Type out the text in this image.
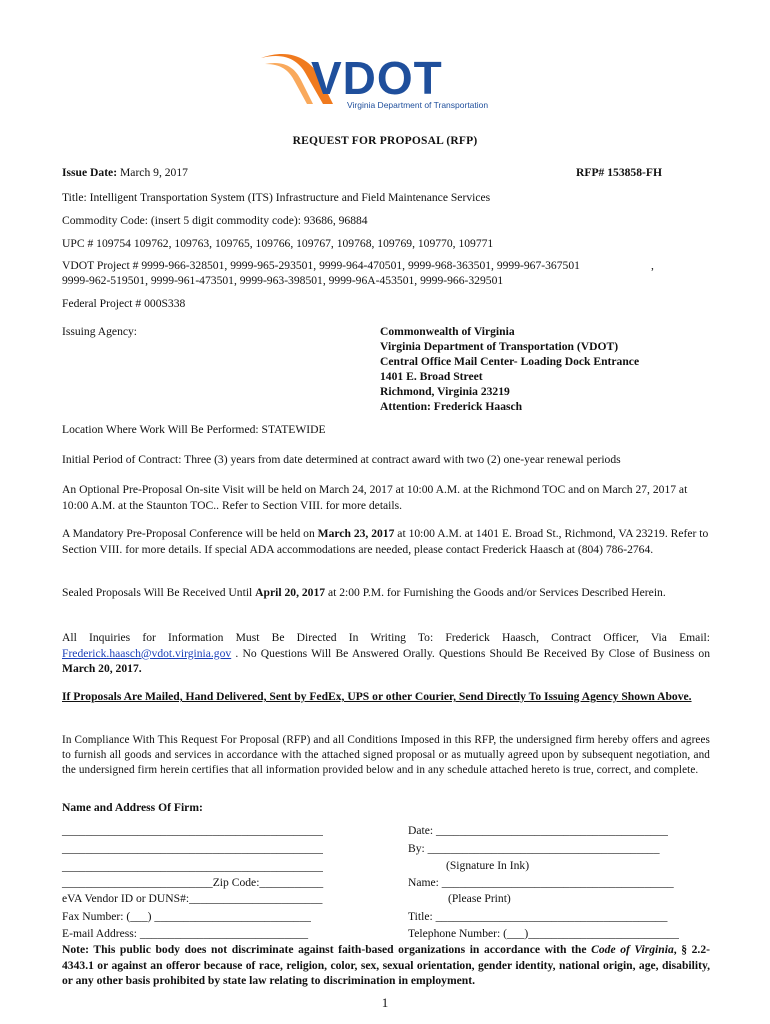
VDOT
Virginia Department of Transportation
REQUEST FOR PROPOSAL (RFP)
Issue Date: March 9, 2017	RFP# 153858-FH
Title: Intelligent Transportation System (ITS) Infrastructure and Field Maintenance Services
Commodity Code: (insert 5 digit commodity code): 93686, 96884
UPC # 109754 109762, 109763, 109765, 109766, 109767, 109768, 109769, 109770, 109771
VDOT Project # 9999-966-328501, 9999-965-293501, 9999-964-470501, 9999-968-363501, 9999-967-367501	,
9999-962-519501, 9999-961-473501, 9999-963-398501, 9999-96A-453501, 9999-966-329501
Federal Project # 000S338
Issuing Agency:	Commonwealth of Virginia
Virginia Department of Transportation (VDOT)
Central Office Mail Center- Loading Dock Entrance
1401 E. Broad Street
Richmond, Virginia 23219
Attention: Frederick Haasch
Location Where Work Will Be Performed: STATEWIDE
Initial Period of Contract: Three (3) years from date determined at contract award with two (2) one-year renewal periods
An Optional Pre-Proposal On-site Visit will be held on March 24, 2017 at 10:00 A.M. at the Richmond TOC and on March 27, 2017 at 10:00 A.M. at the Staunton TOC.. Refer to Section VIII. for more details.
A Mandatory Pre-Proposal Conference will be held on March 23, 2017 at 10:00 A.M. at 1401 E. Broad St., Richmond, VA 23219. Refer to Section VIII. for more details. If special ADA accommodations are needed, please contact Frederick Haasch at (804) 786-2764.
Sealed Proposals Will Be Received Until April 20, 2017 at 2:00 P.M. for Furnishing the Goods and/or Services Described Herein.
All Inquiries for Information Must Be Directed In Writing To: Frederick Haasch, Contract Officer, Via Email: Frederick.haasch@vdot.virginia.gov . No Questions Will Be Answered Orally. Questions Should Be Received By Close of Business on March 20, 2017.
If Proposals Are Mailed, Hand Delivered, Sent by FedEx, UPS or other Courier, Send Directly To Issuing Agency Shown Above.
In Compliance With This Request For Proposal (RFP) and all Conditions Imposed in this RFP, the undersigned firm hereby offers and agrees to furnish all goods and services in accordance with the attached signed proposal or as mutually agreed upon by subsequent negotiation, and the undersigned firm herein certifies that all information provided below and in any schedule attached hereto is true, correct, and complete.
Name and Address Of Firm:
_____________________________________________
_____________________________________________
_____________________________________________
__________________________Zip Code:___________
eVA Vendor ID or DUNS#:_______________________
Fax Number: (___) ___________________________
E-mail Address: _____________________________
Date: ________________________________________
By: ________________________________________
(Signature In Ink)
Name: ________________________________________
(Please Print)
Title: ________________________________________
Telephone Number: (___)__________________________
Note: This public body does not discriminate against faith-based organizations in accordance with the Code of Virginia, § 2.2-4343.1 or against an offeror because of race, religion, color, sex, sexual orientation, gender identity, national origin, age, disability, or any other basis prohibited by state law relating to discrimination in employment.
1
